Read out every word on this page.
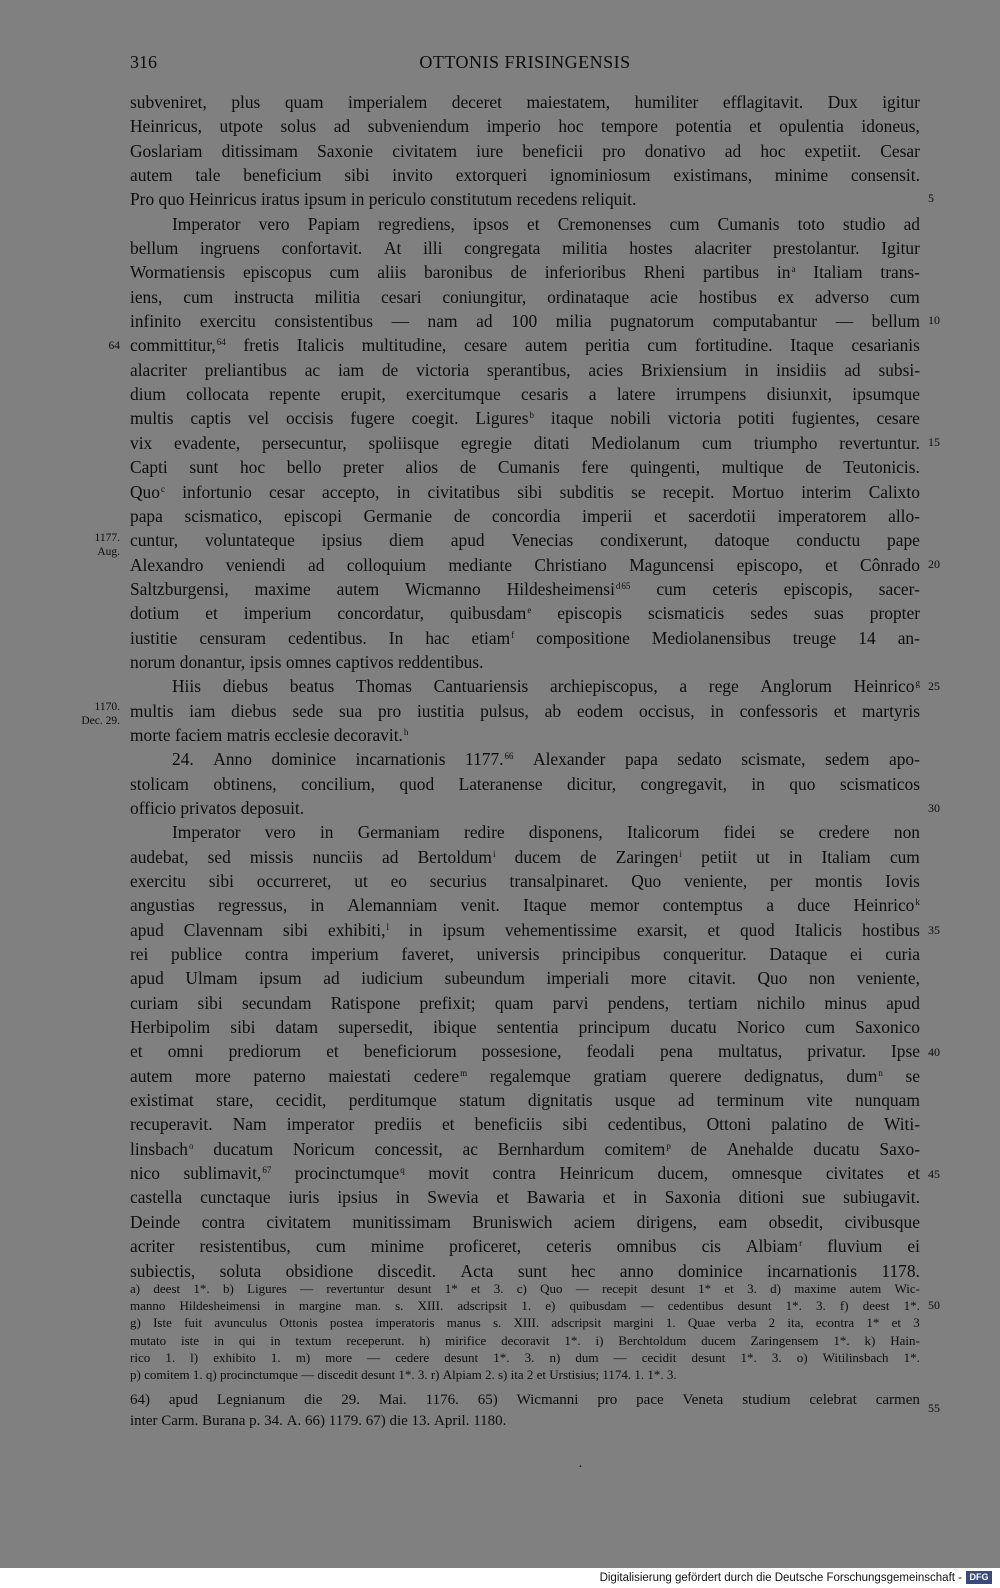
316	OTTONIS FRISINGENSIS
subveniret, plus quam imperialem deceret maiestatem, humiliter efflagitavit. Dux igitur
Heinricus, utpote solus ad subveniendum imperio hoc tempore potentia et opulentia idoneus,
Goslariam ditissimam Saxonie civitatem iure beneficii pro donativo ad hoc expetiit. Cesar
autem tale beneficium sibi invito extorqueri ignominiosum existimans, minime consensit.
Pro
quo
Heinricus
iratus
ipsum
in
periculo
constitutum
recedens
reliquit.
Imperator vero Papiam regrediens, ipsos et Cremonenses cum Cumanis toto studio ad
bellum ingruens confortavit. At illi congregata militia hostes alacriter prestolantur. Igitur
Wormatiensis episcopus cum aliis baronibus de inferioribus Rheni partibus $in^a$ Italiam trans-
iens, cum instructa militia cesari coniungitur, ordinataque acie hostibus ex adverso cum
infinito exercitu consistentibus — nam ad 100 milia pugnatorum computabantur — bellum
committitur,$^{64}$ fretis Italicis multitudine, cesare autem peritia cum fortitudine. Itaque cesarianis
alacriter preliantibus ac iam de victoria sperantibus, acies Brixiensium in insidiis ad subsi-
dium collocata repente erupit, exercitumque cesaris a latere irrumpens disiunxit, ipsumque
multis captis vel occisis fugere coegit. Ligures$^b$ itaque nobili victoria potiti fugientes, cesare
vix evadente, persecuntur, spoliisque egregie ditati Mediolanum cum triumpho revertuntur.
Capti sunt hoc bello preter alios de Cumanis fere quingenti, multique de Teutonicis.
Quo$^c$ infortunio cesar accepto, in civitatibus sibi subditis se recepit. Mortuo interim Calixto
papa scismatico, episcopi Germanie de concordia imperii et sacerdotii imperatorem allo-
cuntur, voluntateque ipsius diem apud Venecias condixerunt, datoque conductu pape
Alexandro veniendi ad colloquium mediante Christiano Maguncensi episcopo, et Cônrado
Saltzburgensi, maxime autem Wicmanno Hildesheimensi$^{d65}$ cum ceteris episcopis, sacer-
dotium et imperium concordatur, quibusdam$^e$ episcopis scismaticis sedes suas propter
iustitie censuram cedentibus. In hac etiam$^f$ compositione Mediolanensibus treuge 14 an-
norum
donantur,
ipsis
omnes
captivos
reddentibus.
Hiis diebus beatus Thomas Cantuariensis archiepiscopus, a rege Anglorum Heinrico$^g$
multis iam diebus sede sua pro iustitia pulsus, ab eodem occisus, in confessoris et martyris
morte
faciem
matris
ecclesie
decoravit.$^h$
24. Anno dominice incarnationis 1177.66 Alexander papa sedato scismate, sedem apo-
stolicam obtinens, concilium, quod Lateranense dicitur, congregavit, in quo scismaticos
officio
privatos
deposuit.
Imperator vero in Germaniam redire disponens, Italicorum fidei se credere non
audebat, sed missis nunciis ad Bertoldum$^i$ ducem de Zaringen$^i$ petiit ut in Italiam cum
exercitu sibi occurreret, ut eo securius transalpinaret. Quo veniente, per montis Iovis
angustias regressus, in Alemanniam venit. Itaque memor contemptus a duce Heinrico$^k$
apud Clavennam sibi exhibiti,$^l$ in ipsum vehementissime exarsit, et quod Italicis hostibus
rei publice contra imperium faveret, universis principibus conqueritur. Dataque ei curia
apud Ulmam ipsum ad iudicium subeundum imperiali more citavit. Quo non veniente,
curiam sibi secundam Ratispone prefixit; quam parvi pendens, tertiam nichilo minus apud
Herbipolim sibi datam supersedit, ibique sententia principum ducatu Norico cum Saxonico
et omni prediorum et beneficiorum possesione, feodali pena multatus, privatur. Ipse
autem more paterno maiestati cedere$^m$ regalemque gratiam querere dedignatus, dum$^n$ se
existimat stare, cecidit, perditumque statum dignitatis usque ad terminum vite nunquam
recuperavit. Nam imperator prediis et beneficiis sibi cedentibus, Ottoni palatino de Witi-
linsbach$^o$ ducatum Noricum concessit, ac Bernhardum comitem$^p$ de Anehalde ducatu Saxo-
nico sublimavit,$^{67}$ procinctumque$^q$ movit contra Heinricum ducem, omnesque civitates et
castella cunctaque iuris ipsius in Swevia et Bawaria et in Saxonia ditioni sue subiugavit.
Deinde contra civitatem munitissimam Bruniswich aciem dirigens, eam obsedit, civibusque
acriter resistentibus, cum minime proficeret, ceteris omnibus cis Albiam$^r$ fluvium ei
subiectis, soluta obsidione discedit. Acta sunt hec anno dominice incarnationis 1178.
5
10
15
20
25
30
35
40
45
50
55
64
1177.
Aug.
1170.
Dec. 29.
a) deest 1*. b) Ligures — revertuntur desunt 1* et 3. c) Quo — recepit desunt 1* et 3. d) maxime autem Wic-
manno Hildesheimensi in margine man. s. XIII. adscripsit 1. e) quibusdam — cedentibus desunt 1*. 3. f) deest 1*.
g) Iste fuit avunculus Ottonis postea imperatoris manus s. XIII. adscripsit margini 1. Quae verba 2 ita, econtra 1* et 3
mutato iste in qui in textum receperunt. h) mirifice decoravit 1*. i) Berchtoldum ducem Zaringensem 1*. k) Hain-
rico 1. l) exhibito 1. m) more — cedere desunt 1*. 3. n) dum — cecidit desunt 1*. 3. o) Witilinsbach 1*.
p)
comitem
1.
q)
procinctumque
—
discedit
desunt
1*.
3.
r)
Alpiam
2.
s)
ita
2
et
Urstisius;
1174.
1.
1*.
3.
64) apud Legnianum die 29. Mai. 1176. 65) Wicmanni pro pace Veneta studium celebrat carmen
inter
Carm.
Burana
p.
34.
A.
66)
1179.
67)
die
13.
April.
1180.
·
Digitalisierung gefördert durch die Deutsche Forschungsgemeinschaft - DFG
